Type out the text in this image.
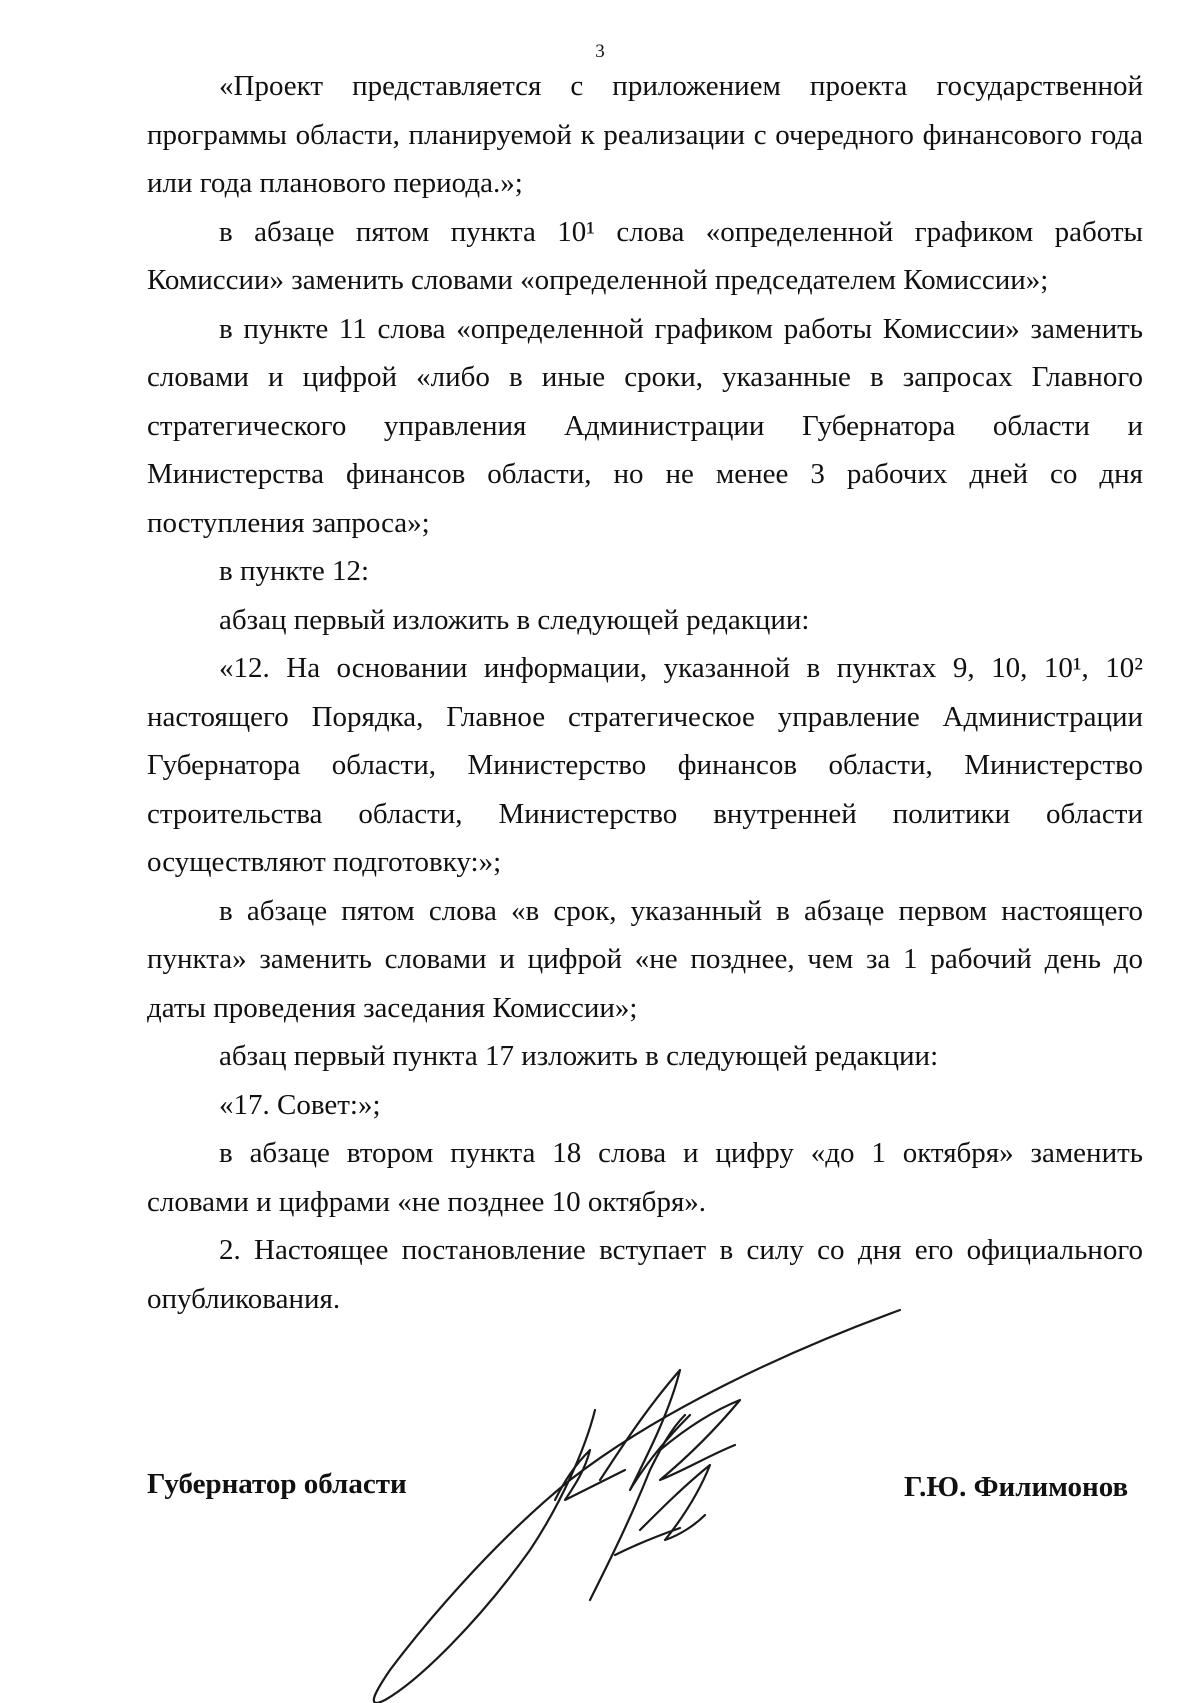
3

«Проект представляется с приложением проекта государственной программы области, планируемой к реализации с очередного финансового года или года планового периода.»;

в абзаце пятом пункта 10¹ слова «определенной графиком работы Комиссии» заменить словами «определенной председателем Комиссии»;

в пункте 11 слова «определенной графиком работы Комиссии» заменить словами и цифрой «либо в иные сроки, указанные в запросах Главного стратегического управления Администрации Губернатора области и Министерства финансов области, но не менее 3 рабочих дней со дня поступления запроса»;

в пункте 12:

абзац первый изложить в следующей редакции:

«12. На основании информации, указанной в пунктах 9, 10, 10¹, 10² настоящего Порядка, Главное стратегическое управление Администрации Губернатора области, Министерство финансов области, Министерство строительства области, Министерство внутренней политики области осуществляют подготовку:»;

в абзаце пятом слова «в срок, указанный в абзаце первом настоящего пункта» заменить словами и цифрой «не позднее, чем за 1 рабочий день до даты проведения заседания Комиссии»;

абзац первый пункта 17 изложить в следующей редакции:

«17. Совет:»;

в абзаце втором пункта 18 слова и цифру «до 1 октября» заменить словами и цифрами «не позднее 10 октября».

2. Настоящее постановление вступает в силу со дня его официального опубликования.

Губернатор области	Г.Ю. Филимонов
